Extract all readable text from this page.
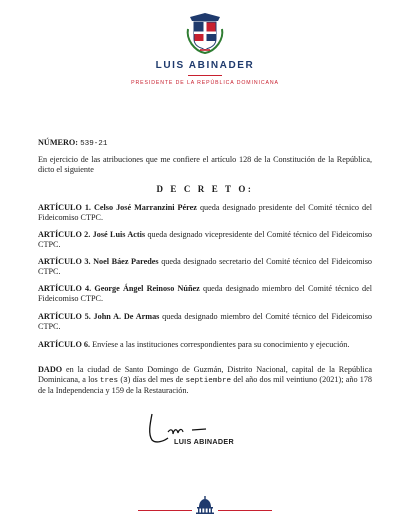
LUIS ABINADER
PRESIDENTE DE LA REPÚBLICA DOMINICANA
NÚMERO: 539-21
En ejercicio de las atribuciones que me confiere el artículo 128 de la Constitución de la República, dicto el siguiente
D E C R E T O:
ARTÍCULO 1. Celso José Marranzini Pérez queda designado presidente del Comité técnico del Fideicomiso CTPC.
ARTÍCULO 2. José Luis Actis queda designado vicepresidente del Comité técnico del Fideicomiso CTPC.
ARTÍCULO 3. Noel Báez Paredes queda designado secretario del Comité técnico del Fideicomiso CTPC.
ARTÍCULO 4. George Ángel Reinoso Núñez queda designado miembro del Comité técnico del Fideicomiso CTPC.
ARTÍCULO 5. John A. De Armas queda designado miembro del Comité técnico del Fideicomiso CTPC.
ARTÍCULO 6. Envíese a las instituciones correspondientes para su conocimiento y ejecución.
DADO en la ciudad de Santo Domingo de Guzmán, Distrito Nacional, capital de la República Dominicana, a los tres (3) días del mes de septiembre del año dos mil veintiuno (2021); año 178 de la Independencia y 159 de la Restauración.
LUIS ABINADER
